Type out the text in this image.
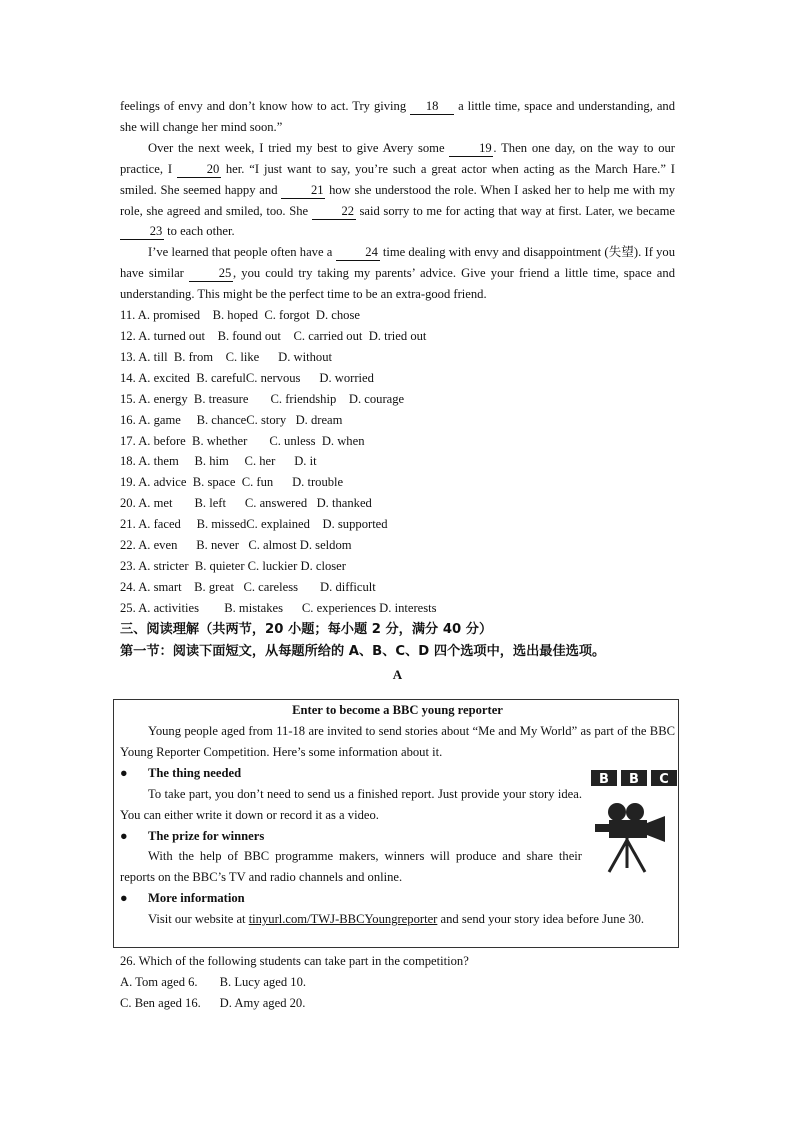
feelings of envy and don’t know how to act. Try giving 18 a little time, space and understanding, and she will change her mind soon.”

Over the next week, I tried my best to give Avery some 19 . Then one day, on the way to our practice, I 20 her. “I just want to say, you’re such a great actor when acting as the March Hare.” I smiled. She seemed happy and 21 how she understood the role. When I asked her to help me with my role, she agreed and smiled, too. She 22 said sorry to me for acting that way at first. Later, we became 23 to each other.

I’ve learned that people often have a 24 time dealing with envy and disappointment (失望). If you have similar 25 , you could try taking my parents’ advice. Give your friend a little time, space and understanding. This might be the perfect time to be an extra-good friend.

11. A. promised    B. hoped  C. forgot  D. chose

12. A. turned out    B. found out    C. carried out  D. tried out

13. A. till  B. from    C. like      D. without

14. A. excited  B. carefulC. nervous      D. worried

15. A. energy  B. treasure       C. friendship    D. courage

16. A. game     B. chanceC. story   D. dream

17. A. before  B. whether       C. unless  D. when

18. A. them     B. him     C. her      D. it

19. A. advice  B. space  C. fun      D. trouble

20. A. met       B. left      C. answered   D. thanked

21. A. faced     B. missedC. explained    D. supported

22. A. even      B. never   C. almost D. seldom

23. A. stricter  B. quieter C. luckier D. closer

24. A. smart    B. great   C. careless       D. difficult

25. A. activities        B. mistakes      C. experiences D. interests

三、阅读理解（共两节，20 小题；每小题 2 分，满分 40 分）

第一节：阅读下面短文，从每题所给的 A、B、C、D 四个选项中，选出最佳选项。

A

Enter to become a BBC young reporter

Young people aged from 11-18 are invited to send stories about “Me and My World” as part of the BBC Young Reporter Competition. Here’s some information about it.

● The thing needed

To take part, you don’t need to send us a finished report. Just provide your story idea. You can either write it down or record it as a video.

● The prize for winners

With the help of BBC programme makers, winners will produce and share their reports on the BBC’s TV and radio channels and online.

● More information

Visit our website at tinyurl.com/TWJ-BBCYoungreporter and send your story idea before June 30.

B B C

26. Which of the following students can take part in the competition?

A. Tom aged 6.       B. Lucy aged 10.

C. Ben aged 16.      D. Amy aged 20.
